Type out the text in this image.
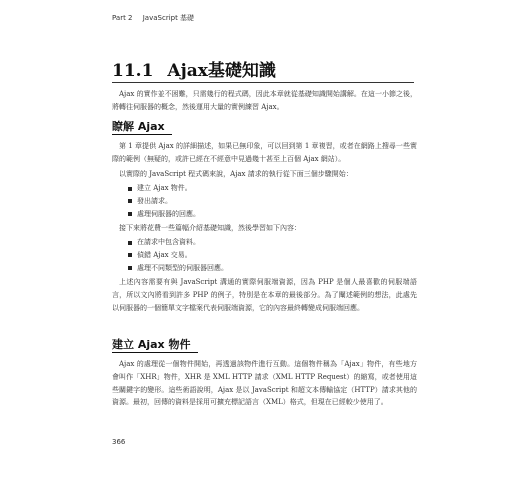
Part 2 JavaScript 基礎
11.1 Ajax基礎知識

Ajax 的實作並不困難，只需幾行的程式碼，因此本章就從基礎知識開始講解。在這一小節之後，將轉往伺服器的概念，然後運用大量的實例練習 Ajax。

瞭解 Ajax

第 1 章提供 Ajax 的詳細描述，如果已無印象，可以回到第 1 章複習，或者在網路上搜尋一些實際的範例（無疑的，或許已經在不經意中見過幾十甚至上百個 Ajax 網站）。

以實際的 JavaScript 程式碼來說，Ajax 請求的執行從下面三個步驟開始：

建立 Ajax 物件。
發出請求。
處理伺服器的回應。

接下來將花費一些篇幅介紹基礎知識，然後學習如下內容：

在請求中包含資料。
偵錯 Ajax 交易。
處理不同類型的伺服器回應。

上述內容需要有與 JavaScript 溝通的實際伺服端資源，因為 PHP 是個人最喜歡的伺服端語言，所以文內將看到許多 PHP 的例子，特別是在本章的最後部分。為了闡述範例的想法，此處先以伺服器的一個簡單文字檔案代表伺服端資源，它的內容最終轉變成伺服端回應。

建立 Ajax 物件

Ajax 的處理從一個物件開始，再透過該物件進行互動。這個物件稱為「Ajax」物件，有些地方會叫作「XHR」物件，XHR 是 XML HTTP 請求（XML HTTP Request）的縮寫，或者使用這些關鍵字的變形。這些術語說明，Ajax 是以 JavaScript 和超文本傳輸協定（HTTP）請求其他的資源。最初，回傳的資料是採用可擴充標記語言（XML）格式，但現在已經較少使用了。

366
